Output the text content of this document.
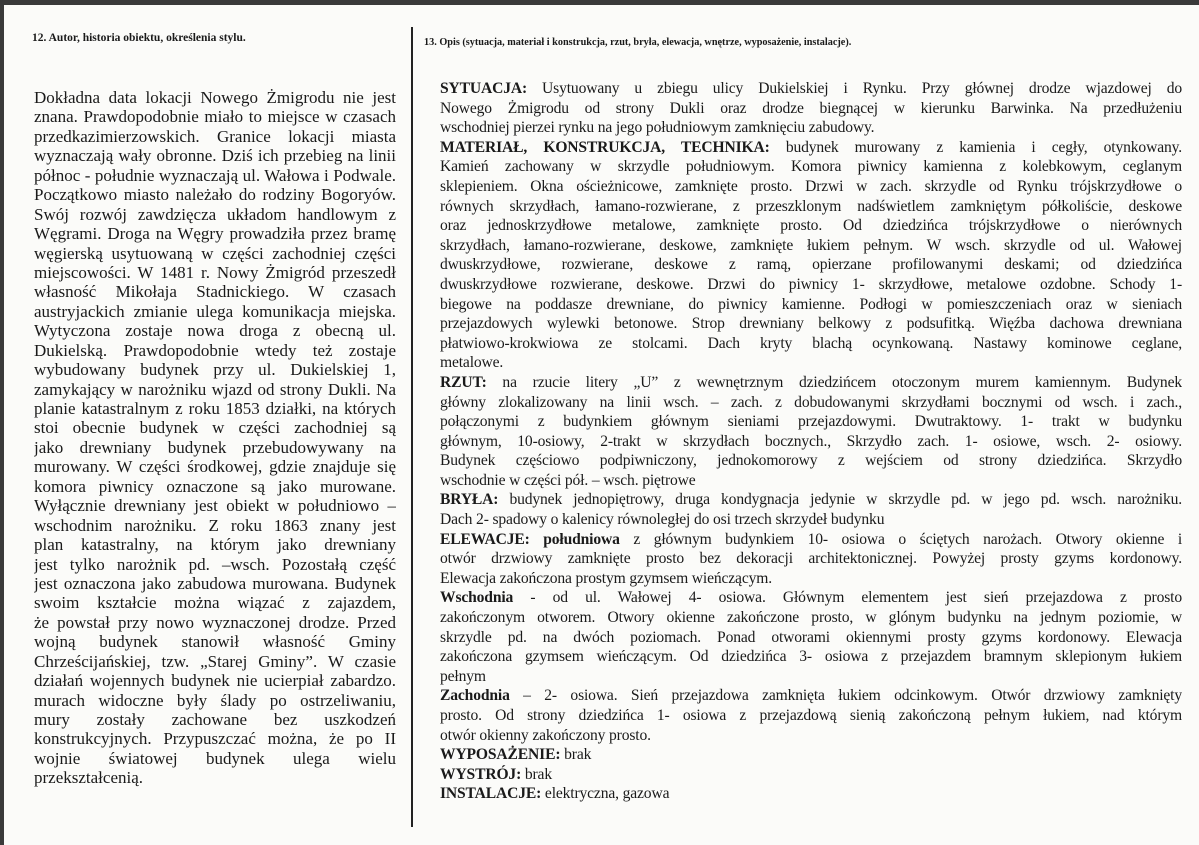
12. Autor, historia obiektu, określenia stylu.	13. Opis (sytuacja, materiał i konstrukcja, rzut, bryła, elewacja, wnętrze, wyposażenie, instalacje).
Dokładna data lokacji Nowego Żmigrodu nie jest
znana. Prawdopodobnie miało to miejsce w czasach
przedkazimierzowskich. Granice lokacji miasta
wyznaczają wały obronne. Dziś ich przebieg na linii
północ - południe wyznaczają ul. Wałowa i Podwale.
Początkowo miasto należało do rodziny Bogoryów.
Swój rozwój zawdzięcza układom handlowym z
Węgrami. Droga na Węgry prowadziła przez bramę
węgierską usytuowaną w części zachodniej części
miejscowości. W 1481 r. Nowy Żmigród przeszedł
własność Mikołaja Stadnickiego. W czasach
austryjackich zmianie ulega komunikacja miejska.
Wytyczona zostaje nowa droga z obecną ul.
Dukielską. Prawdopodobnie wtedy też zostaje
wybudowany budynek przy ul. Dukielskiej 1,
zamykający w narożniku wjazd od strony Dukli. Na
planie katastralnym z roku 1853 działki, na których
stoi obecnie budynek w części zachodniej są
jako drewniany budynek przebudowywany na
murowany. W części środkowej, gdzie znajduje się
komora piwnicy oznaczone są jako murowane.
Wyłącznie drewniany jest obiekt w południowo –
wschodnim narożniku. Z roku 1863 znany jest
plan katastralny, na którym jako drewniany
jest tylko narożnik pd. –wsch. Pozostałą część
jest oznaczona jako zabudowa murowana. Budynek
swoim kształcie można wiązać z zajazdem,
że powstał przy nowo wyznaczonej drodze. Przed
wojną budynek stanowił własność Gminy
Chrześcijańskiej, tzw. „Starej Gminy”. W czasie
działań wojennych budynek nie ucierpiał zabardzo.
murach widoczne były ślady po ostrzeliwaniu,
mury zostały zachowane bez uszkodzeń
konstrukcyjnych. Przypuszczać można, że po II
wojnie światowej budynek ulega wielu
przekształcenią.
SYTUACJA: Usytuowany u zbiegu ulicy Dukielskiej i Rynku. Przy głównej drodze wjazdowej do
Nowego Żmigrodu od strony Dukli oraz drodze biegnącej w kierunku Barwinka. Na przedłużeniu
wschodniej pierzei rynku na jego południowym zamknięciu zabudowy.
MATERIAŁ, KONSTRUKCJA, TECHNIKA: budynek murowany z kamienia i cegły, otynkowany.
Kamień zachowany w skrzydle południowym. Komora piwnicy kamienna z kolebkowym, ceglanym
sklepieniem. Okna ościeżnicowe, zamknięte prosto. Drzwi w zach. skrzydle od Rynku trójskrzydłowe o
równych skrzydłach, łamano-rozwierane, z przeszklonym nadświetlem zamkniętym półkoliście, deskowe
oraz jednoskrzydłowe metalowe, zamknięte prosto. Od dziedzińca trójskrzydłowe o nierównych
skrzydłach, łamano-rozwierane, deskowe, zamknięte łukiem pełnym. W wsch. skrzydle od ul. Wałowej
dwuskrzydłowe, rozwierane, deskowe z ramą, opierzane profilowanymi deskami; od dziedzińca
dwuskrzydłowe rozwierane, deskowe. Drzwi do piwnicy 1- skrzydłowe, metalowe ozdobne. Schody 1-
biegowe na poddasze drewniane, do piwnicy kamienne. Podłogi w pomieszczeniach oraz w sieniach
przejazdowych wylewki betonowe. Strop drewniany belkowy z podsufitką. Więźba dachowa drewniana
płatwiowo-krokwiowa ze stolcami. Dach kryty blachą ocynkowaną. Nastawy kominowe ceglane,
metalowe.
RZUT: na rzucie litery „U” z wewnętrznym dziedzińcem otoczonym murem kamiennym. Budynek
główny zlokalizowany na linii wsch. – zach. z dobudowanymi skrzydłami bocznymi od wsch. i zach.,
połączonymi z budynkiem głównym sieniami przejazdowymi. Dwutraktowy. 1- trakt w budynku
głównym, 10-osiowy, 2-trakt w skrzydłach bocznych., Skrzydło zach. 1- osiowe, wsch. 2- osiowy.
Budynek częściowo podpiwniczony, jednokomorowy z wejściem od strony dziedzińca. Skrzydło
wschodnie w części pół. – wsch. piętrowe
BRYŁA: budynek jednopiętrowy, druga kondygnacja jedynie w skrzydle pd. w jego pd. wsch. narożniku.
Dach 2- spadowy o kalenicy równoległej do osi trzech skrzydeł budynku
ELEWACJE: południowa z głównym budynkiem 10- osiowa o ściętych narożach. Otwory okienne i
otwór drzwiowy zamknięte prosto bez dekoracji architektonicznej. Powyżej prosty gzyms kordonowy.
Elewacja zakończona prostym gzymsem wieńczącym.
Wschodnia - od ul. Wałowej 4- osiowa. Głównym elementem jest sień przejazdowa z prosto
zakończonym otworem. Otwory okienne zakończone prosto, w glónym budynku na jednym poziomie, w
skrzydle pd. na dwóch poziomach. Ponad otworami okiennymi prosty gzyms kordonowy. Elewacja
zakończona gzymsem wieńczącym. Od dziedzińca 3- osiowa z przejazdem bramnym sklepionym łukiem
pełnym
Zachodnia – 2- osiowa. Sień przejazdowa zamknięta łukiem odcinkowym. Otwór drzwiowy zamknięty
prosto. Od strony dziedzińca 1- osiowa z przejazdową sienią zakończoną pełnym łukiem, nad którym
otwór okienny zakończony prosto.
WYPOSAŻENIE: brak
WYSTRÓJ: brak
INSTALACJE: elektryczna, gazowa
